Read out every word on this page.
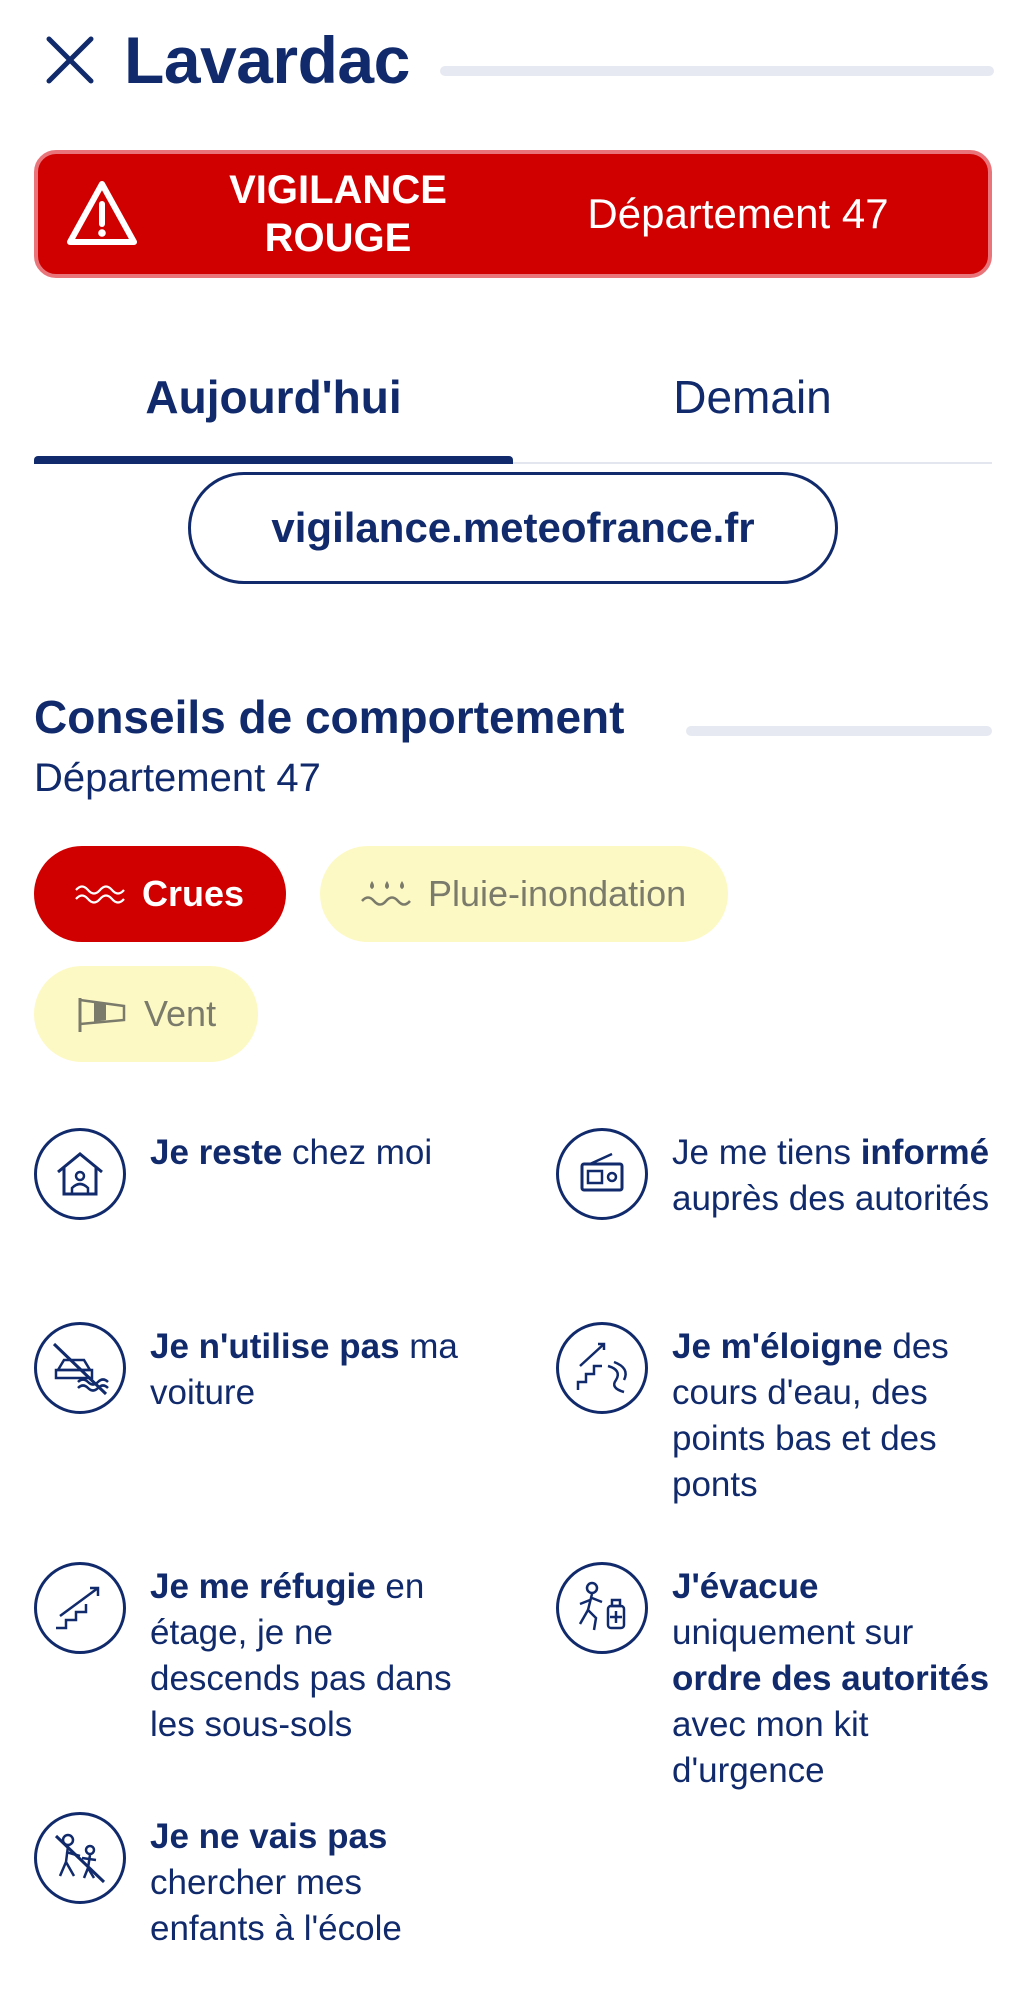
Lavardac
VIGILANCE
ROUGE
Département 47
Aujourd'hui	Demain
vigilance.meteofrance.fr
Conseils de comportement
Département 47
Crues	Pluie-inondation
Vent
Je reste chez moi	Je me tiens informé auprès des autorités
Je n'utilise pas ma voiture
Je m'éloigne des cours d'eau, des points bas et des ponts
Je me réfugie en étage, je ne descends pas dans les sous-sols
J'évacue uniquement sur ordre des autorités avec mon kit d'urgence
Je ne vais pas chercher mes enfants à l'école
